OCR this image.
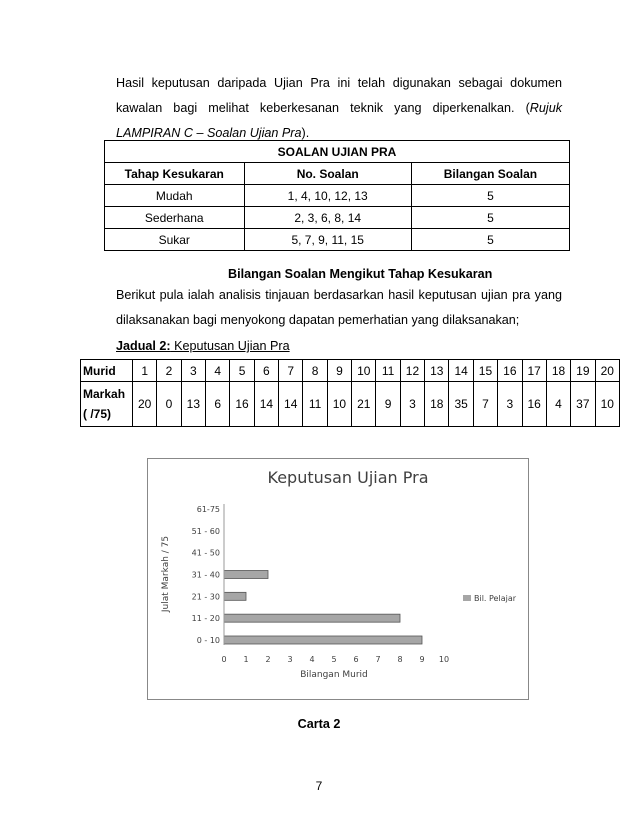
Hasil keputusan daripada Ujian Pra ini telah digunakan sebagai dokumen
kawalan bagi melihat keberkesanan teknik yang diperkenalkan. (Rujuk
LAMPIRAN C – Soalan Ujian Pra).
SOALAN UJIAN PRA		
Tahap Kesukaran	No. Soalan	Bilangan Soalan
Mudah	1, 4, 10, 12, 13	5
Sederhana	2, 3, 6, 8, 14	5
Sukar	5, 7, 9, 11, 15	5
Bilangan Soalan Mengikut Tahap Kesukaran
Berikut pula ialah analisis tinjauan berdasarkan hasil keputusan ujian pra yang
dilaksanakan bagi menyokong dapatan pemerhatian yang dilaksanakan;
Jadual 2: Keputusan Ujian Pra
Murid	1	2	3	4	5	6	7	8	9	10	11	12	13	14	15	16	17	18	19	20
Markah
( /75)	20	0	13	6	16	14	14	11	10	21	9	3	18	35	7	3	16	4	37	10
Keputusan Ujian Pra
Julat Markah / 75
Bilangan Murid
0 - 10
11 - 20
21 - 30
31 - 40
41 - 50
51 - 60
61-75
0 1 2 3 4 5 6 7 8 9 10
Bil. Pelajar
Carta 2
7
